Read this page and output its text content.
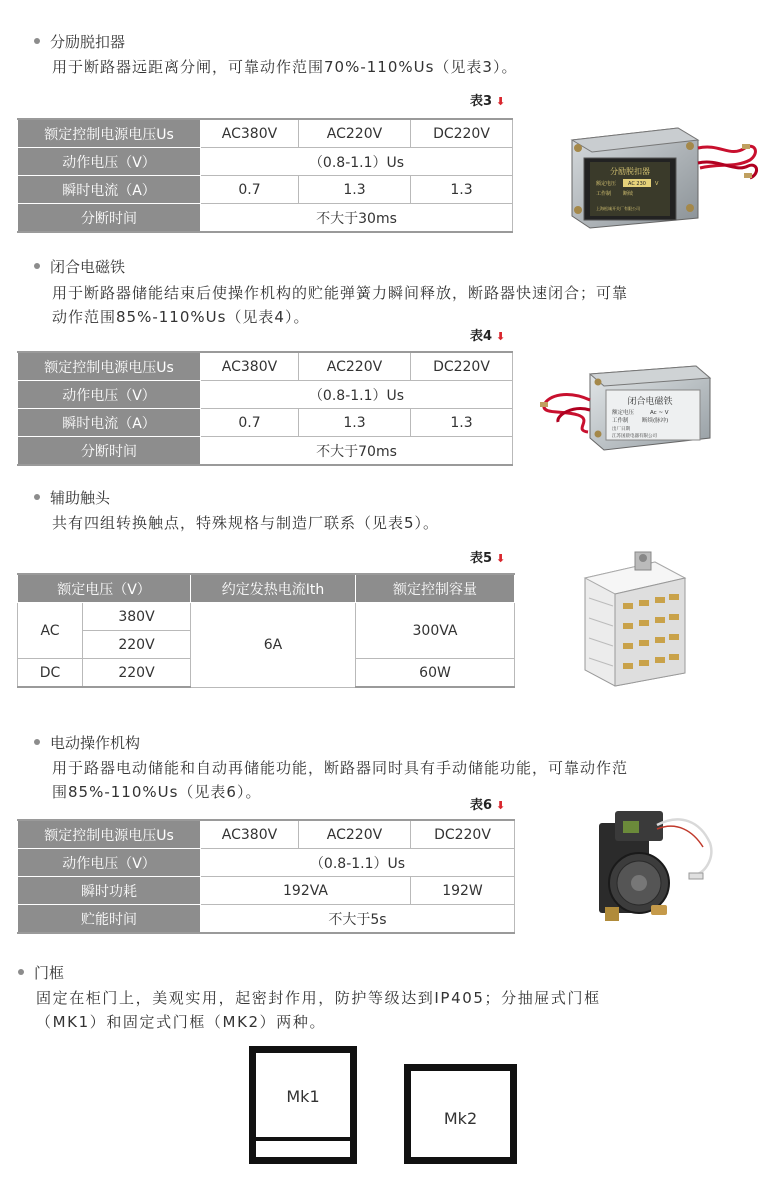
分励脱扣器
用于断路器远距离分闸，可靠动作范围70%-110%Us（见表3）。
表3 ⬇
额定控制电源电压Us	AC380V	AC220V	DC220V
动作电压（V）	（0.8-1.1）Us		
瞬时电流（A）	0.7	1.3	1.3
分断时间	不大于30ms		
分励脱扣器
额定电压 AC 230 V
工作制 断续
上海松诚开关厂有限公司
闭合电磁铁
用于断路器储能结束后使操作机构的贮能弹簧力瞬间释放，断路器快速闭合；可靠
动作范围85%-110%Us（见表4）。
表4 ⬇
额定控制电源电压Us	AC380V	AC220V	DC220V
动作电压（V）	（0.8-1.1）Us		
瞬时电流（A）	0.7	1.3	1.3
分断时间	不大于70ms		
闭合电磁铁
额定电压	Ac ~ V
工作制 断续(脉冲)
出厂日期
江苏国晨电器有限公司
辅助触头
共有四组转换触点，特殊规格与制造厂联系（见表5）。
表5 ⬇
额定电压（V）		约定发热电流Ith	额定控制容量
AC	380V	6A	300VA
	220V		
DC	220V		60W
电动操作机构
用于路器电动储能和自动再储能功能，断路器同时具有手动储能功能，可靠动作范
围85%-110%Us（见表6）。
表6 ⬇
额定控制电源电压Us	AC380V	AC220V	DC220V
动作电压（V）	（0.8-1.1）Us		
瞬时功耗	192VA		192W
贮能时间	不大于5s		
门框
固定在柜门上，美观实用，起密封作用，防护等级达到IP405；分抽屉式门框
（MK1）和固定式门框（MK2）两种。
Mk1
Mk2
